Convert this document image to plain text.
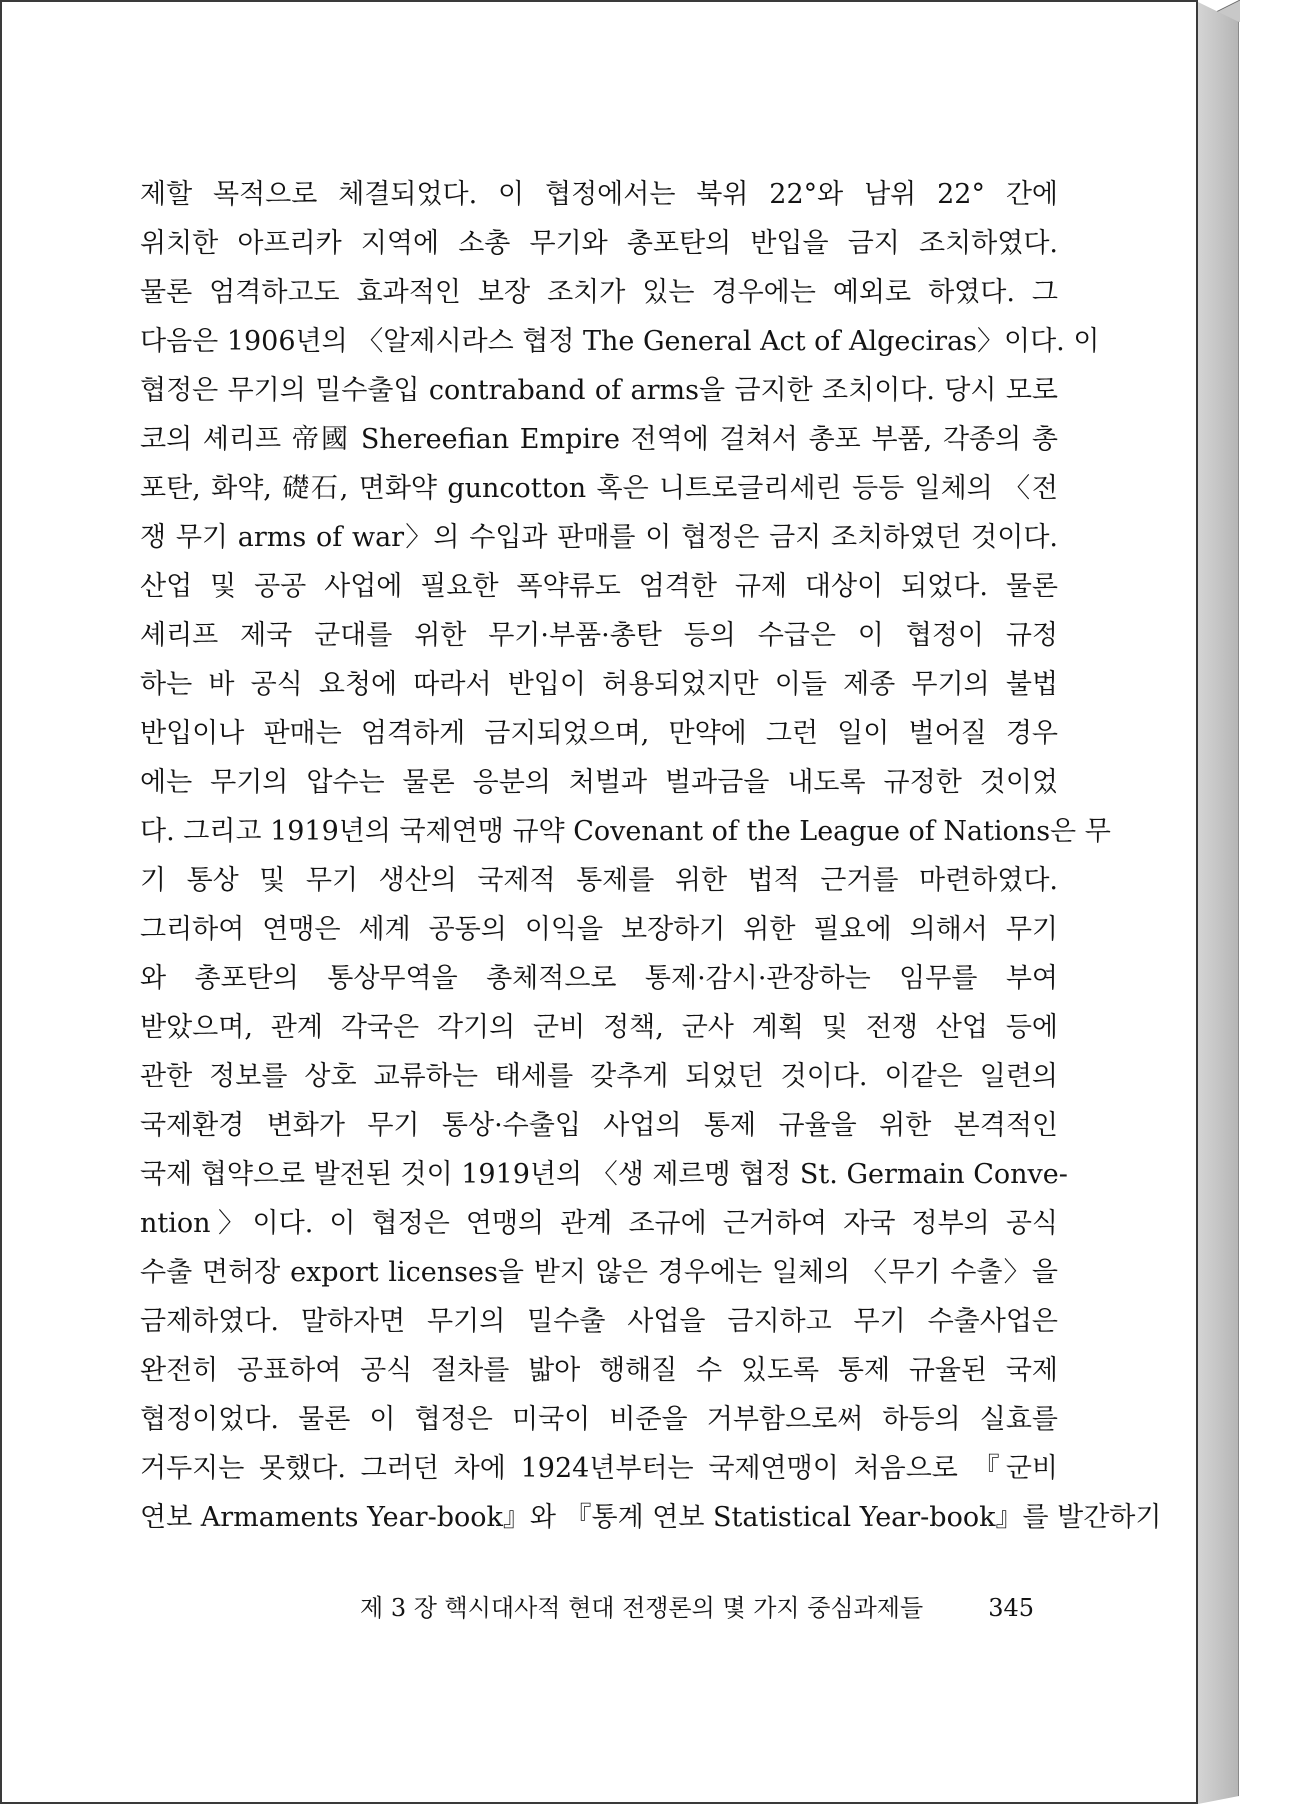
제할 목적으로 체결되었다. 이 협정에서는 북위 22°와 남위 22° 간에
위치한 아프리카 지역에 소총 무기와 총포탄의 반입을 금지 조치하였다.
물론 엄격하고도 효과적인 보장 조치가 있는 경우에는 예외로 하였다. 그
다음은 1906년의 〈알제시라스 협정 The General Act of Algeciras〉이다. 이
협정은 무기의 밀수출입 contraband of arms을 금지한 조치이다. 당시 모로
코의 셰리프 帝國 Shereefian Empire 전역에 걸쳐서 총포 부품, 각종의 총
포탄, 화약, 礎石, 면화약 guncotton 혹은 니트로글리세린 등등 일체의 〈전
쟁 무기 arms of war〉의 수입과 판매를 이 협정은 금지 조치하였던 것이다.
산업 및 공공 사업에 필요한 폭약류도 엄격한 규제 대상이 되었다. 물론
셰리프 제국 군대를 위한 무기·부품·총탄 등의 수급은 이 협정이 규정
하는 바 공식 요청에 따라서 반입이 허용되었지만 이들 제종 무기의 불법
반입이나 판매는 엄격하게 금지되었으며, 만약에 그런 일이 벌어질 경우
에는 무기의 압수는 물론 응분의 처벌과 벌과금을 내도록 규정한 것이었
다. 그리고 1919년의 국제연맹 규약 Covenant of the League of Nations은 무
기 통상 및 무기 생산의 국제적 통제를 위한 법적 근거를 마련하였다.
그리하여 연맹은 세계 공동의 이익을 보장하기 위한 필요에 의해서 무기
와 총포탄의 통상무역을 총체적으로 통제·감시·관장하는 임무를 부여
받았으며, 관계 각국은 각기의 군비 정책, 군사 계획 및 전쟁 산업 등에
관한 정보를 상호 교류하는 태세를 갖추게 되었던 것이다. 이같은 일련의
국제환경 변화가 무기 통상·수출입 사업의 통제 규율을 위한 본격적인
국제 협약으로 발전된 것이 1919년의 〈생 제르멩 협정 St. Germain Conve-
ntion〉이다. 이 협정은 연맹의 관계 조규에 근거하여 자국 정부의 공식
수출 면허장 export licenses을 받지 않은 경우에는 일체의 〈무기 수출〉을
금제하였다. 말하자면 무기의 밀수출 사업을 금지하고 무기 수출사업은
완전히 공표하여 공식 절차를 밟아 행해질 수 있도록 통제 규율된 국제
협정이었다. 물론 이 협정은 미국이 비준을 거부함으로써 하등의 실효를
거두지는 못했다. 그러던 차에 1924년부터는 국제연맹이 처음으로 『군비
연보 Armaments Year-book』와 『통계 연보 Statistical Year-book』를 발간하기
제 3 장 핵시대사적 현대 전쟁론의 몇 가지 중심과제들	345
